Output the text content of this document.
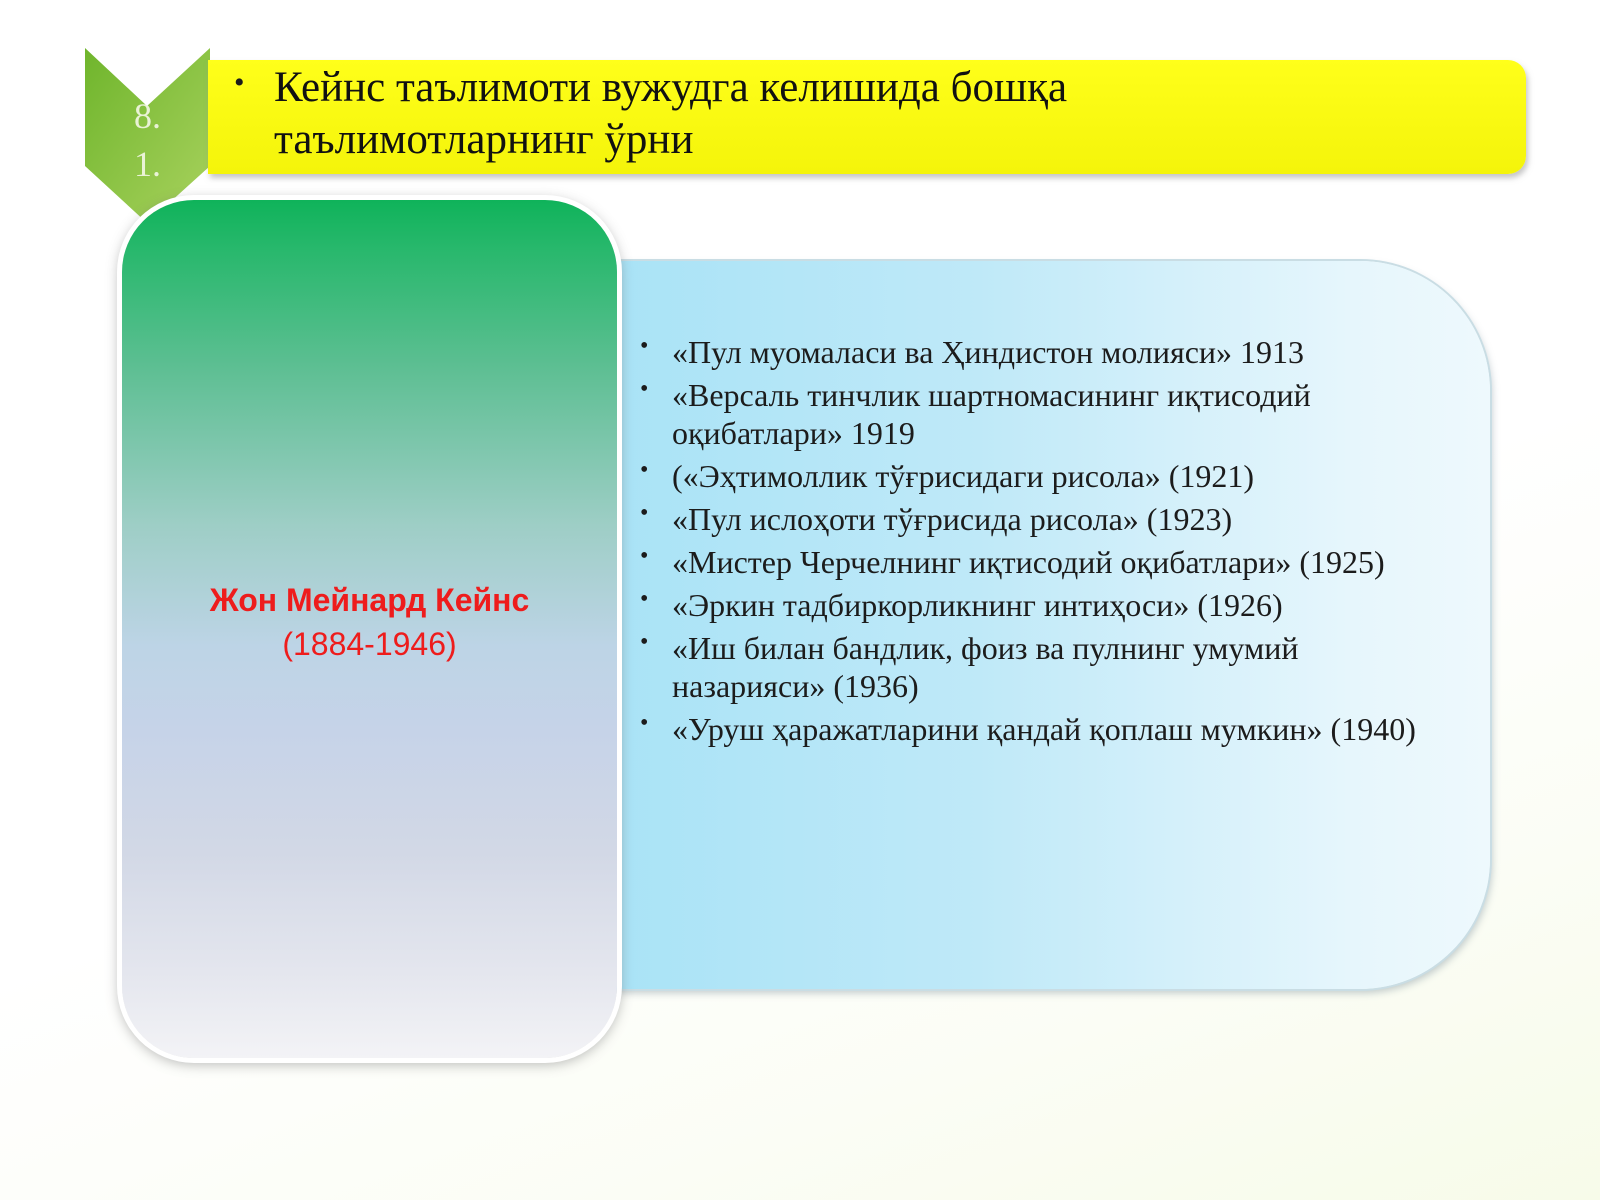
8.
1.
• Кейнс таълимоти вужудга келишида бошқа таълимотларнинг ўрни
• «Пул муомаласи ва Ҳиндистон молияси» 1913
• «Версаль тинчлик шартномасининг иқтисодий оқибатлари» 1919
• («Эҳтимоллик тўғрисидаги рисола» (1921)
• «Пул ислоҳоти тўғрисида рисола» (1923)
• «Мистер Черчелнинг иқтисодий оқибатлари» (1925)
• «Эркин тадбиркорликнинг интиҳоси» (1926)
• «Иш билан бандлик, фоиз ва пулнинг умумий назарияси» (1936)
• «Уруш ҳаражатларини қандай қоплаш мумкин» (1940)
Жон Мейнард Кейнс
(1884-1946)
